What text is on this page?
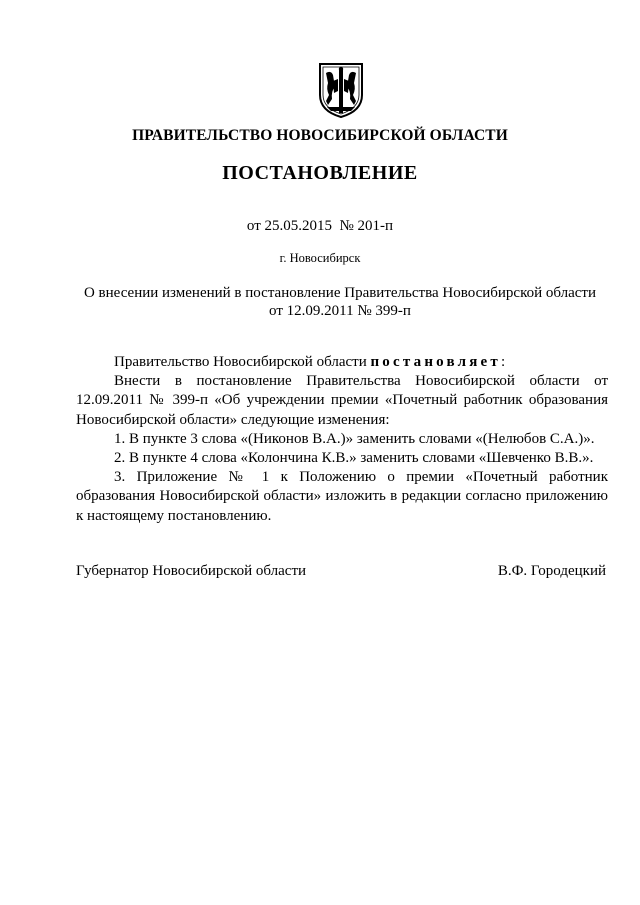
ПРАВИТЕЛЬСТВО НОВОСИБИРСКОЙ ОБЛАСТИ
ПОСТАНОВЛЕНИЕ
от 25.05.2015  № 201-п
г. Новосибирск
О внесении изменений в постановление Правительства Новосибирской области
от 12.09.2011 № 399-п

Правительство Новосибирской области постановляет:

Внести в постановление Правительства Новосибирской области от 12.09.2011 № 399-п «Об учреждении премии «Почетный работник образования Новосибирской области» следующие изменения:

1. В пункте 3 слова «(Никонов В.А.)» заменить словами «(Нелюбов С.А.)».

2. В пункте 4 слова «Колончина К.В.» заменить словами «Шевченко В.В.».

3. Приложение № 1 к Положению о премии «Почетный работник образования Новосибирской области» изложить в редакции согласно приложению к настоящему постановлению.

Губернатор Новосибирской области	В.Ф. Городецкий
